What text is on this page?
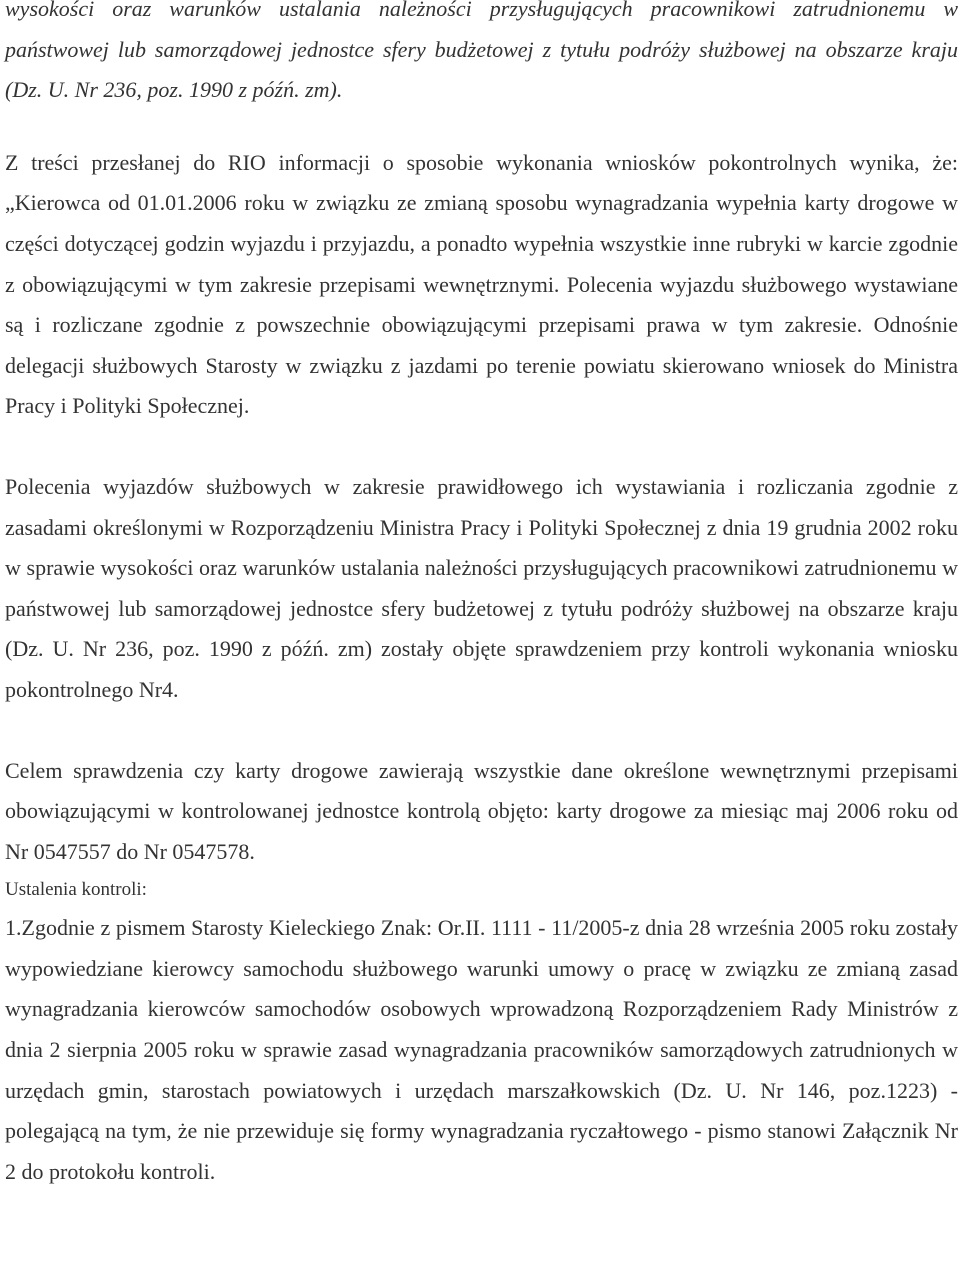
wysokości oraz warunków ustalania należności przysługujących pracownikowi zatrudnionemu w państwowej lub samorządowej jednostce sfery budżetowej z tytułu podróży służbowej na obszarze kraju (Dz. U. Nr 236, poz. 1990 z późń. zm).

Z treści przesłanej do RIO informacji o sposobie wykonania wniosków pokontrolnych wynika, że: „Kierowca od 01.01.2006 roku w związku ze zmianą sposobu wynagradzania wypełnia karty drogowe w części dotyczącej godzin wyjazdu i przyjazdu, a ponadto wypełnia wszystkie inne rubryki w karcie zgodnie z obowiązującymi w tym zakresie przepisami wewnętrznymi. Polecenia wyjazdu służbowego wystawiane są i rozliczane zgodnie z powszechnie obowiązującymi przepisami prawa w tym zakresie. Odnośnie delegacji służbowych Starosty w związku z jazdami po terenie powiatu skierowano wniosek do Ministra Pracy i Polityki Społecznej.

Polecenia wyjazdów służbowych w zakresie prawidłowego ich wystawiania i rozliczania zgodnie z zasadami określonymi w Rozporządzeniu Ministra Pracy i Polityki Społecznej z dnia 19 grudnia 2002 roku w sprawie wysokości oraz warunków ustalania należności przysługujących pracownikowi zatrudnionemu w państwowej lub samorządowej jednostce sfery budżetowej z tytułu podróży służbowej na obszarze kraju (Dz. U. Nr 236, poz. 1990 z późń. zm) zostały objęte sprawdzeniem przy kontroli wykonania wniosku pokontrolnego Nr4.

Celem sprawdzenia czy karty drogowe zawierają wszystkie dane określone wewnętrznymi przepisami obowiązującymi w kontrolowanej jednostce kontrolą objęto: karty drogowe za miesiąc maj 2006 roku od Nr 0547557 do Nr 0547578.

Ustalenia kontroli:

1.Zgodnie z pismem Starosty Kieleckiego Znak: Or.II. 1111 - 11/2005-z dnia 28 września 2005 roku zostały wypowiedziane kierowcy samochodu służbowego warunki umowy o pracę w związku ze zmianą zasad wynagradzania kierowców samochodów osobowych wprowadzoną Rozporządzeniem Rady Ministrów z dnia 2 sierpnia 2005 roku w sprawie zasad wynagradzania pracowników samorządowych zatrudnionych w urzędach gmin, starostach powiatowych i urzędach marszałkowskich (Dz. U. Nr 146, poz.1223) - polegającą na tym, że nie przewiduje się formy wynagradzania ryczałtowego - pismo stanowi Załącznik Nr 2 do protokołu kontroli.
